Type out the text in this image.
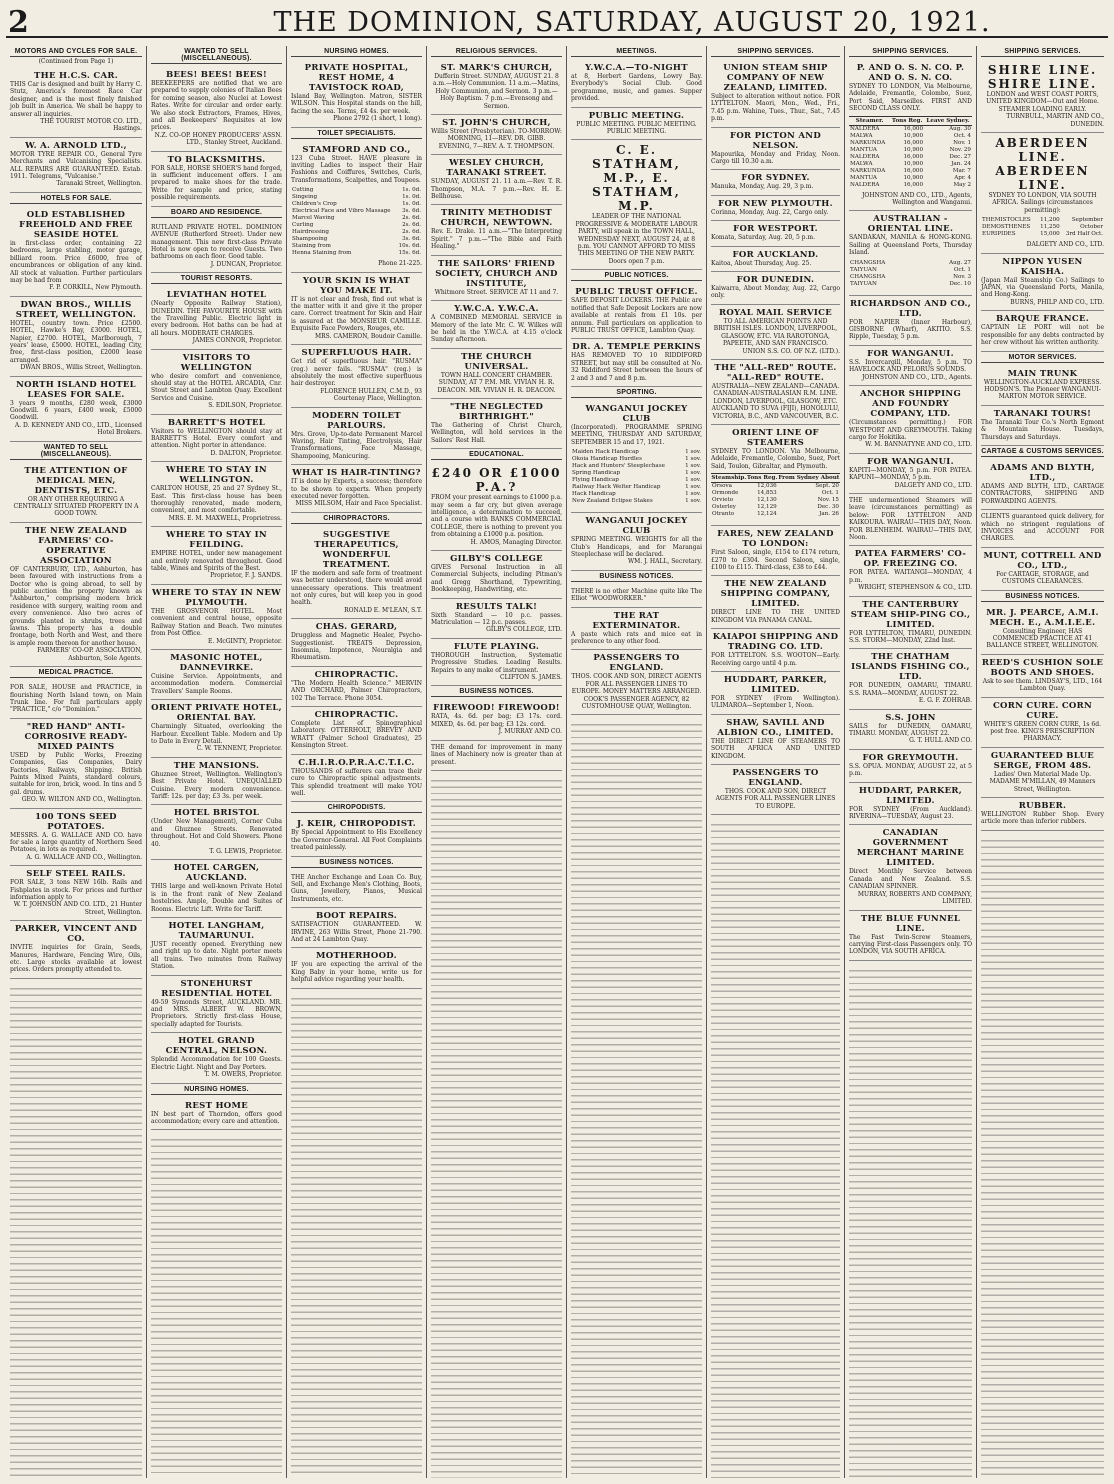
2	THE DOMINION, SATURDAY, AUGUST 20, 1921.
MOTORS AND CYCLES FOR SALE.
(Continued from Page 1)
THE H.C.S. CAR.

THIS Car is designed and built by Harry C. Stutz, America's foremost Race Car designer, and is the most finely finished job built in America. We shall be happy to answer all inquiries.

THE TOURIST MOTOR CO. LTD., Hastings.
W. A. ARNOLD LTD.,

MOTOR TYRE REPAIR CO., General Tyre Merchants and Vulcanising Specialists. ALL REPAIRS ARE GUARANTEED. Estab. 1911. Telegrams, "Vulcanise."

Taranaki Street, Wellington.
HOTELS FOR SALE.
OLD ESTABLISHED FREEHOLD AND FREE SEASIDE HOTEL

in first-class order, containing 22 bedrooms, large stabling, motor garage, billiard room. Price £6000, free of encumbrances or obligation of any kind. All stock at valuation. Further particulars may be had from

F. P. CORKILL, New Plymouth.
DWAN BROS., WILLIS STREET, WELLINGTON.

HOTEL, country town. Price £2500. HOTEL, Hawke's Bay, £3000. HOTEL, Napier, £2700. HOTEL, Marlborough, 7 years' lease, £5000. HOTEL, leading City, free, first-class position, £2000 lease arranged.

DWAN BROS., Willis Street, Wellington.
NORTH ISLAND HOTEL LEASES FOR SALE.

3 years 9 months, £280 week, £3000 Goodwill. 6 years, £400 week, £5000 Goodwill.

A. D. KENNEDY AND CO., LTD., Licensed Hotel Brokers.
WANTED TO SELL (MISCELLANEOUS).
THE ATTENTION OF MEDICAL MEN, DENTISTS, ETC.

OR ANY OTHER REQUIRING A CENTRALLY SITUATED PROPERTY IN A GOOD TOWN.

THE NEW ZEALAND FARMERS' CO-OPERATIVE ASSOCIATION

OF CANTERBURY, LTD., Ashburton, has been favoured with instructions from a Doctor who is going abroad, to sell by public auction the property known as "Ashburton," comprising modern brick residence with surgery, waiting room and every convenience. Also two acres of grounds planted in shrubs, trees and lawns. This property has a double frontage, both North and West, and there is ample room thereon for another house.

FARMERS' CO-OP. ASSOCIATION, Ashburton, Sole Agents.
MEDICAL PRACTICE.

FOR SALE, HOUSE and PRACTICE, in flourishing North Island town, on Main Trunk line. For full particulars apply "PRACTICE," c/o "Dominion."

"RED HAND" ANTI-CORROSIVE READY-MIXED PAINTS

USED by Public Works, Freezing Companies, Gas Companies, Dairy Factories, Railways, Shipping. British Paints Mixed Paints, standard colours, suitable for iron, brick, wood. In tins and 5 gal. drums.

GEO. W. WILTON AND CO., Wellington.
100 TONS SEED POTATOES.

MESSRS. A. G. WALLACE AND CO. have for sale a large quantity of Northern Seed Potatoes, in lots as required.

A. G. WALLACE AND CO., Wellington.
SELF STEEL RAILS.

FOR SALE, 3 tons NEW 16lb. Rails and Fishplates in stock. For prices and further information apply to

W. T. JOHNSON AND CO. LTD., 21 Hunter Street, Wellington.
PARKER, VINCENT AND CO.

INVITE inquiries for Grain, Seeds, Manures, Hardware, Fencing Wire, Oils, etc. Large stocks available at lowest prices. Orders promptly attended to.

WANTED TO SELL (MISCELLANEOUS).
BEES! BEES! BEES!

BEEKEEPERS are notified that we are prepared to supply colonies of Italian Bees for coming season, also Nuclei at Lowest Rates. Write for circular and order early. We also stock Extractors, Frames, Hives, and all Beekeepers' Requisites at low prices.

N.Z. CO-OP. HONEY PRODUCERS' ASSN. LTD., Stanley Street, Auckland.
TO BLACKSMITHS.

FOR SALE, HORSE SHOER'S hand forged, in sufficient inducement offers. I am prepared to make shoes for the trade. Write for sample and price, stating possible requirements.

BOARD AND RESIDENCE.

RUTLAND PRIVATE HOTEL. DOMINION AVENUE (Rutherford Street). Under new management. This new first-class Private Hotel is now open to receive Guests. Two bathrooms on each floor. Good table.

J. DUNCAN, Proprietor.
TOURIST RESORTS.
LEVIATHAN HOTEL

(Nearly Opposite Railway Station), DUNEDIN. THE FAVOURITE HOUSE with the Travelling Public. Electric light in every bedroom. Hot baths can be had at all hours. MODERATE CHARGES.

JAMES CONNOR, Proprietor.
VISITORS TO WELLINGTON

who desire comfort and convenience, should stay at the HOTEL ARCADIA, Cnr. Stout Street and Lambton Quay. Excellent Service and Cuisine.

S. EDILSON, Proprietor.
BARRETT'S HOTEL

Visitors to WELLINGTON should stay at BARRETT'S Hotel. Every comfort and attention. Night porter in attendance.

D. DALTON, Proprietor.
WHERE TO STAY IN WELLINGTON.

CARLTON HOUSE, 25 and 27 Sydney St., East. This first-class house has been thoroughly renovated, made modern, convenient, and most comfortable.

MRS. E. M. MAXWELL, Proprietress.
WHERE TO STAY IN FEILDING.

EMPIRE HOTEL, under new management and entirely renovated throughout. Good table, Wines and Spirits of the Best.

Proprietor, F. J. SANDS.
WHERE TO STAY IN NEW PLYMOUTH.

THE GROSVENOR HOTEL. Most convenient and central house, opposite Railway Station and Beach. Two minutes from Post Office.

E. McGINTY, Proprietor.
MASONIC HOTEL, DANNEVIRKE.

Cuisine Service. Appointments, and accommodation modern. Commercial Travellers' Sample Rooms.

ORIENT PRIVATE HOTEL, ORIENTAL BAY.

Charmingly Situated, overlooking the Harbour. Excellent Table. Modern and Up to Date in Every Detail.

C. W. TENNENT, Proprietor.
THE MANSIONS.

Ghuznee Street, Wellington. Wellington's Best Private Hotel. UNEQUALLED Cuisine. Every modern convenience. Tariff: 12s. per day; £3 3s. per week.

HOTEL BRISTOL

(Under New Management), Corner Cuba and Ghuznee Streets. Renovated throughout. Hot and Cold Showers. Phone 40.

T. G. LEWIS, Proprietor.
HOTEL CARGEN, AUCKLAND.

THIS large and well-known Private Hotel is in the front rank of New Zealand hostelries. Ample, Double and Suites of Rooms. Electric Lift. Write for Tariff.

HOTEL LANGHAM, TAUMARUNUI.

JUST recently opened. Everything new and right up to date. Night porter meets all trains. Two minutes from Railway Station.

STONEHURST RESIDENTIAL HOTEL

49-59 Symonds Street, AUCKLAND. MR. and MRS. ALBERT W. BROWN, Proprietors. Strictly first-class House, specially adapted for Tourists.

HOTEL GRAND CENTRAL, NELSON.

Splendid Accommodation for 100 Guests. Electric Light. Night and Day Porters.

T. M. OWERS, Proprietor.
NURSING HOMES.
REST HOME

IN best part of Thorndon, offers good accommodation; every care and attention.

NURSING HOMES.
PRIVATE HOSPITAL, REST HOME, 4 TAVISTOCK ROAD,

Island Bay, Wellington. Matron, SISTER WILSON. This Hospital stands on the hill, facing the sea. Terms, £4 4s. per week.

Phone 2792 (1 short, 1 long).
TOILET SPECIALISTS.
STAMFORD AND CO.,

123 Cuba Street. HAVE pleasure in inviting Ladies to inspect their Hair Fashions and Coiffures, Switches, Curls, Transformations, Scalpettes, and Toupees.

Cutting	1s. 0d.
Singeing	1s. 0d.
Children's Crop	1s. 0d.
Electrical Face and Vibro Massage	3s. 6d.
Marcel Waving	2s. 6d.
Curling	2s. 6d.
Hairdressing	2s. 6d.
Shampooing	3s. 6d.
Staining from	10s. 6d.
Henna Staining from	15s. 6d.
Phone 21-225.
YOUR SKIN IS WHAT YOU MAKE IT.

IT is not clear and fresh, find out what is the matter with it and give it the proper care. Correct treatment for Skin and Hair is assured at the MONSIEUR CAMILLE. Exquisite Face Powders, Rouges, etc.

MRS. CAMERON, Boudoir Camille.
SUPERFLUOUS HAIR.

Get rid of superfluous hair. "RUSMA" (reg.) never fails. "RUSMA" (reg.) is absolutely the most effective superfluous hair destroyer.

FLORENCE HULLEN, C.M.D., 93 Courtenay Place, Wellington.
MODERN TOILET PARLOURS.

Mrs. Grove, Up-to-date Permanent Marcel Waving, Hair Tinting, Electrolysis, Hair Transformations, Face Massage, Shampooing, Manicuring.

WHAT IS HAIR-TINTING?

IT is done by Experts, a success; therefore to be shown to experts. When properly executed never forgotten.

MISS MILSOM, Hair and Face Specialist.
CHIROPRACTORS.
SUGGESTIVE THERAPEUTICS, WONDERFUL TREATMENT.

IF the modern and safe form of treatment was better understood, there would avoid unnecessary operations. This treatment not only cures, but will keep you in good health.

RONALD E. M'LEAN, S.T.
CHAS. GERARD,

Druggless and Magnetic Healer, Psycho-Suggestionist. TREATS Depression, Insomnia, Impotence, Neuralgia and Rheumatism.

CHIROPRACTIC.

"The Modern Health Science." MERVIN AND ORCHARD, Palmer Chiropractors, 102 The Terrace. Phone 3054.

CHIROPRACTIC.

Complete List of Spinographical Laboratory. OTTERHOLT, BREVEY AND WRATT (Palmer School Graduates), 25 Kensington Street.

C.H.I.R.O.P.R.A.C.T.I.C.

THOUSANDS of sufferers can trace their cure to Chiropractic spinal adjustments. This splendid treatment will make YOU well.

CHIROPODISTS.
J. KEIR, CHIROPODIST.

By Special Appointment to His Excellency the Governor-General. All Foot Complaints treated painlessly.

BUSINESS NOTICES.

THE Anchor Exchange and Loan Co. Buy, Sell, and Exchange Men's Clothing, Boots, Guns, Jewellery, Pianos, Musical Instruments, etc.

BOOT REPAIRS.

SATISFACTION GUARANTEED. W. IRVINE, 263 Willis Street, Phone 21-790. And at 24 Lambton Quay.

MOTHERHOOD.

IF you are expecting the arrival of the King Baby in your home, write us for helpful advice regarding your health.

RELIGIOUS SERVICES.
ST. MARK'S CHURCH,

Dufferin Street. SUNDAY, AUGUST 21. 8 a.m.—Holy Communion. 11 a.m.—Matins, Holy Communion, and Sermon. 3 p.m.—Holy Baptism. 7 p.m.—Evensong and Sermon.

ST. JOHN'S CHURCH,

Willis Street (Presbyterian). TO-MORROW: MORNING, 11—REV. DR. GIBB. EVENING, 7—REV. A. T. THOMPSON.

WESLEY CHURCH, TARANAKI STREET.

SUNDAY, AUGUST 21. 11 a.m.—Rev. T. R. Thompson, M.A. 7 p.m.—Rev. H. E. Bellhouse.

TRINITY METHODIST CHURCH, NEWTOWN.

Rev. E. Drake. 11 a.m.—"The Interpreting Spirit." 7 p.m.—"The Bible and Faith Healing."

THE SAILORS' FRIEND SOCIETY, CHURCH AND INSTITUTE,

Whitmore Street. SERVICE AT 11 and 7.

Y.W.C.A. Y.W.C.A.

A COMBINED MEMORIAL SERVICE in Memory of the late Mr. C. W. Wilkes will be held in the Y.W.C.A. at 4.15 o'clock Sunday afternoon.

THE CHURCH UNIVERSAL.

TOWN HALL CONCERT CHAMBER. SUNDAY, AT 7 P.M. MR. VIVIAN H. R. DEACON. MR. VIVIAN H. R. DEACON.

"THE NEGLECTED BIRTHRIGHT."

The Gathering of Christ Church, Wellington, will hold services in the Sailors' Rest Hall.

EDUCATIONAL.
£240 OR £1000 P.A.?

FROM your present earnings to £1000 p.a. may seem a far cry, but given average intelligence, a determination to succeed, and a course with BANKS COMMERCIAL COLLEGE, there is nothing to prevent you from obtaining a £1000 p.a. position.

H. AMOS, Managing Director.
GILBY'S COLLEGE

GIVES Personal Instruction in all Commercial Subjects, including Pitman's and Gregg Shorthand, Typewriting, Bookkeeping, Handwriting, etc.

RESULTS TALK!

Sixth Standard — 10 p.c. passes. Matriculation — 12 p.c. passes.

GILBY'S COLLEGE, LTD.
FLUTE PLAYING.

THOROUGH Instruction, Systematic Progressive Studies. Leading Results. Repairs to any make of instrument.

CLIFTON S. JAMES.
BUSINESS NOTICES.
FIREWOOD! FIREWOOD!

RATA, 4s. 6d. per bag; £3 17s. cord. MIXED, 4s. 6d. per bag; £3 12s. cord.

J. MURRAY AND CO.

THE demand for improvement in many lines of Machinery now is greater than at present.

MEETINGS.
Y.W.C.A.—TO-NIGHT

at 8, Herbert Gardens, Lowry Bay. Everybody's Social Club. Good programme, music, and games. Supper provided.

PUBLIC MEETING.

PUBLIC MEETING. PUBLIC MEETING. PUBLIC MEETING.

C. E. STATHAM, M.P., E. STATHAM, M.P.

LEADER OF THE NATIONAL PROGRESSIVE & MODERATE LABOUR PARTY, will speak in the TOWN HALL, WEDNESDAY NEXT, AUGUST 24, at 8 p.m. YOU CANNOT AFFORD TO MISS THIS MEETING OF THE NEW PARTY. Doors open 7 p.m.

PUBLIC NOTICES.
PUBLIC TRUST OFFICE.

SAFE DEPOSIT LOCKERS. THE Public are notified that Safe Deposit Lockers are now available at rentals from £1 10s. per annum. Full particulars on application to PUBLIC TRUST OFFICE, Lambton Quay.

DR. A. TEMPLE PERKINS

HAS REMOVED TO 10 RIDDIFORD STREET, but may still be consulted at No. 32 Riddiford Street between the hours of 2 and 3 and 7 and 8 p.m.

SPORTING.
WANGANUI JOCKEY CLUB

(Incorporated). PROGRAMME SPRING MEETING, THURSDAY AND SATURDAY, SEPTEMBER 15 and 17, 1921.

Maiden Hack Handicap	1 sov.
Okoia Handicap Hurdles	1 sov.
Hack and Hunters' Steeplechase	1 sov.
Spring Handicap	1 sov.
Flying Handicap	1 sov.
Railway Hack Welter Handicap	1 sov.
Hack Handicap	1 sov.
New Zealand Eclipse Stakes	1 sov.
WANGANUI JOCKEY CLUB

SPRING MEETING. WEIGHTS for all the Club's Handicaps, and for Marangai Steeplechase will be declared.

WM. J. HALL, Secretary.
BUSINESS NOTICES.

THERE is no other Machine quite like The Elliot "WOODWORKER."

THE RAT EXTERMINATOR.

A paste which rats and mice eat in preference to any other food.

PASSENGERS TO ENGLAND.

THOS. COOK AND SON, DIRECT AGENTS FOR ALL PASSENGER LINES TO EUROPE. MONEY MATTERS ARRANGED. COOK'S PASSENGER AGENCY, 82 CUSTOMHOUSE QUAY, Wellington.

SHIPPING SERVICES.
UNION STEAM SHIP COMPANY OF NEW ZEALAND, LIMITED.

Subject to alteration without notice. FOR LYTTELTON. Maori, Mon., Wed., Fri., 7.45 p.m. Wahine, Tues., Thur., Sat., 7.45 p.m.

FOR PICTON AND NELSON.

Mapourika, Monday and Friday, Noon. Cargo till 10.30 a.m.

FOR SYDNEY.

Manuka, Monday, Aug. 29, 3 p.m.

FOR NEW PLYMOUTH.

Corinna, Monday, Aug. 22, Cargo only.

FOR WESTPORT.

Komata, Saturday, Aug. 20, 5 p.m.

FOR AUCKLAND.

Kaitoa, About Thursday, Aug. 25.

FOR DUNEDIN.

Kaiwarra, About Monday, Aug. 22, Cargo only.

ROYAL MAIL SERVICE

TO ALL AMERICAN POINTS AND BRITISH ISLES. LONDON, LIVERPOOL, GLASGOW, ETC. VIA RAROTONGA, PAPEETE, AND SAN FRANCISCO.

UNION S.S. CO. OF N.Z. (LTD.).
THE "ALL-RED" ROUTE. "ALL-RED" ROUTE.

AUSTRALIA—NEW ZEALAND—CANADA. CANADIAN-AUSTRALASIAN R.M. LINE. LONDON, LIVERPOOL, GLASGOW, ETC. AUCKLAND TO SUVA (FIJI), HONOLULU, VICTORIA, B.C., AND VANCOUVER, B.C.

ORIENT LINE OF STEAMERS

SYDNEY TO LONDON. Via Melbourne, Adelaide, Fremantle, Colombo, Suez, Port Said, Toulon, Gibraltar, and Plymouth.

Steamship.	Tons Reg.	From Sydney About
Orsova	12,036	Sept. 20
Ormonde	14,853	Oct. 1
Orvieto	12,130	Nov. 15
Osterley	12,129	Dec. 30
Otranto	12,124	Jan. 26
FARES, NEW ZEALAND TO LONDON:

First Saloon, single, £154 to £174 return, £270 to £304. Second Saloon, single, £100 to £115. Third-class, £38 to £44.

THE NEW ZEALAND SHIPPING COMPANY, LIMITED.

DIRECT LINE TO THE UNITED KINGDOM VIA PANAMA CANAL.

KAIAPOI SHIPPING AND TRADING CO. LTD.

FOR LYTTELTON. S.S. WOOTON—Early. Receiving cargo until 4 p.m.

HUDDART, PARKER, LIMITED.

FOR SYDNEY (From Wellington). ULIMAROA—September 1, Noon.

SHAW, SAVILL AND ALBION CO., LIMITED.

THE DIRECT LINE OF STEAMERS TO SOUTH AFRICA AND UNITED KINGDOM.

PASSENGERS TO ENGLAND.

THOS. COOK AND SON, DIRECT AGENTS FOR ALL PASSENGER LINES TO EUROPE.

SHIPPING SERVICES.
P. AND O. S. N. CO. P. AND O. S. N. CO.

SYDNEY TO LONDON, Via Melbourne, Adelaide, Fremantle, Colombo, Suez, Port Said, Marseilles. FIRST AND SECOND CLASS ONLY.

Steamer.	Tons Reg.	Leave Sydney.
NALDERA	16,000	Aug. 30
MALWA	10,900	Oct. 4
NARKUNDA	16,000	Nov. 1
MANTUA	10,900	Nov. 29
NALDERA	16,000	Dec. 27
MALWA	10,900	Jan. 24
NARKUNDA	16,000	Mar. 7
MANTUA	10,900	Apr. 4
NALDERA	16,000	May 2
JOHNSTON AND CO., LTD., Agents, Wellington and Wanganui.
AUSTRALIAN - ORIENTAL LINE.

SANDAKAN, MANILA & HONG-KONG. Sailing at Queensland Ports, Thursday Island.

CHANGSHA	Aug. 27
TAIYUAN	Oct. 1
CHANGSHA	Nov. 3
TAIYUAN	Dec. 10
RICHARDSON AND CO., LTD.

FOR NAPIER (Inner Harbour), GISBORNE (Wharf), AKITIO. S.S. Ripple, Tuesday, 5 p.m.

FOR WANGANUI.

S.S. Invercargill, Monday, 5 p.m. TO HAVELOCK AND PELORUS SOUNDS.

JOHNSTON AND CO., LTD., Agents.
ANCHOR SHIPPING AND FOUNDRY COMPANY, LTD.

(Circumstances permitting.) FOR WESTPORT AND GREYMOUTH. Taking cargo for Hokitika.

W. M. BANNATYNE AND CO., LTD.
FOR WANGANUI.

KAPITI—MONDAY, 5 p.m. FOR PATEA. KAPUNI—MONDAY, 5 p.m.

DALGETY AND CO., LTD.

THE undermentioned Steamers will leave (circumstances permitting) as below: FOR LYTTELTON AND KAIKOURA. WAIRAU—THIS DAY, Noon. FOR BLENHEIM. WAIRAU—THIS DAY, Noon.

PATEA FARMERS' CO-OP. FREEZING CO.

FOR PATEA. WAITANGI—MONDAY, 4 p.m.

WRIGHT, STEPHENSON & CO., LTD.
THE CANTERBURY STEAM SHIP-PING CO., LIMITED.

FOR LYTTELTON, TIMARU, DUNEDIN. S.S. STORM—MONDAY, 22nd Inst.

THE CHATHAM ISLANDS FISHING CO., LTD.

FOR DUNEDIN, OAMARU, TIMARU. S.S. RAMA—MONDAY, AUGUST 22.

E. G. F. ZOHRAB.
S.S. JOHN

SAILS for DUNEDIN, OAMARU, TIMARU. MONDAY, AUGUST 22.

G. T. HULL AND CO.
FOR GREYMOUTH.

S.S. OPUA. MONDAY, AUGUST 22, at 5 p.m.

HUDDART, PARKER, LIMITED.

FOR SYDNEY (From Auckland). RIVERINA—TUESDAY, August 23.

CANADIAN GOVERNMENT MERCHANT MARINE LIMITED.

Direct Monthly Service between Canada and New Zealand. S.S. CANADIAN SPINNER.

MURRAY, ROBERTS AND COMPANY, LIMITED.
THE BLUE FUNNEL LINE.

The Fast Twin-Screw Steamers, carrying First-class Passengers only. TO LONDON, VIA SOUTH AFRICA.

SHIPPING SERVICES.
SHIRE LINE. SHIRE LINE.

LONDON and WEST COAST PORTS, UNITED KINGDOM—Out and Home. STEAMER LOADING EARLY.

TURNBULL, MARTIN AND CO., DUNEDIN.
ABERDEEN LINE. ABERDEEN LINE.

SYDNEY TO LONDON, VIA SOUTH AFRICA. Sailings (circumstances permitting):

THEMISTOCLES	11,200	September
DEMOSTHENES	11,250	October
EURIPIDES	15,000	3rd Half Oct.
DALGETY AND CO., LTD.
NIPPON YUSEN KAISHA.

(Japan Mail Steamship Co.) Sailings to JAPAN, via Queensland Ports, Manila, and Hong-Kong.

BURNS, PHILP AND CO., LTD.
BARQUE FRANCE.

CAPTAIN LE PORT will not be responsible for any debts contracted by her crew without his written authority.

MOTOR SERVICES.
MAIN TRUNK

WELLINGTON-AUCKLAND EXPRESS. HODSON'S. The Pioneer WANGANUI-MARTON MOTOR SERVICE.

TARANAKI TOURS!

The Taranaki Tour Co.'s North Egmont & Mountain House. Tuesdays, Thursdays and Saturdays.

CARTAGE & CUSTOMS SERVICES.
ADAMS AND BLYTH, LTD.,

ADAMS AND BLYTH, LTD., CARTAGE CONTRACTORS, SHIPPING AND FORWARDING AGENTS.

CLIENTS guaranteed quick delivery, for which no stringent regulations of INVOICES and ACCOUNT FOR CHARGES.

MUNT, COTTRELL AND CO., LTD.,

For CARTAGE, STORAGE, and CUSTOMS CLEARANCES.

BUSINESS NOTICES.
MR. J. PEARCE, A.M.I. MECH. E., A.M.I.E.E.

Consulting Engineer, HAS COMMENCED PRACTICE AT 41 BALLANCE STREET, WELLINGTON.

REED'S CUSHION SOLE BOOTS AND SHOES.

Ask to see them. LINDSAY'S, LTD., 164 Lambton Quay.

CORN CURE. CORN CURE.

WHITE'S GREEN CORN CURE, 1s 6d. post free. KING'S PRESCRIPTION PHARMACY.

GUARANTEED BLUE SERGE, FROM 48S.

Ladies' Own Material Made Up. MADAME M'MILLAN, 49 Manners Street, Wellington.

RUBBER.

WELLINGTON Rubber Shop. Every article more than inferior rubbers.
